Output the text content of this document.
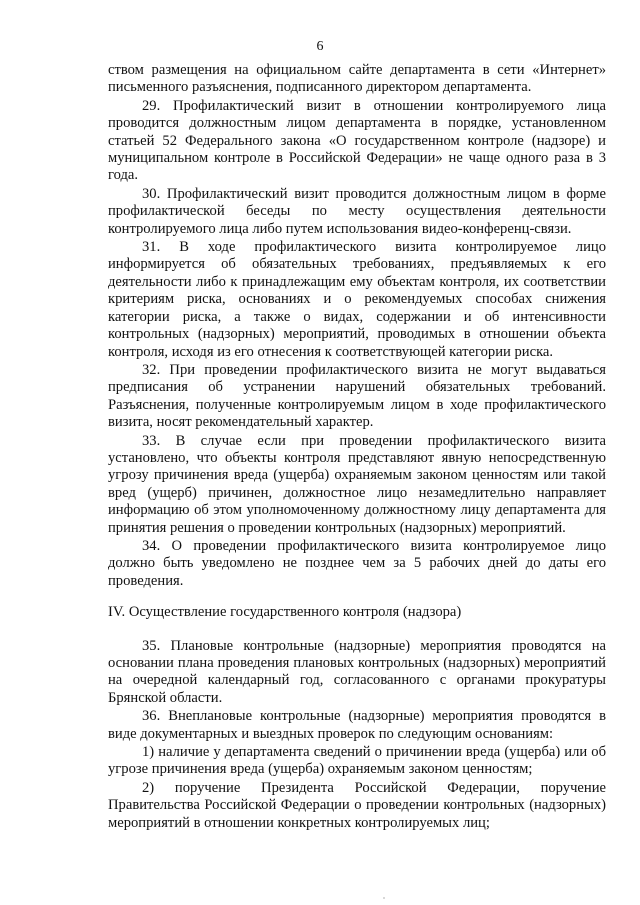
6

ством размещения на официальном сайте департамента в сети «Интернет» письменного разъяснения, подписанного директором департамента.

29. Профилактический визит в отношении контролируемого лица проводится должностным лицом департамента в порядке, установленном статьей 52 Федерального закона «О государственном контроле (надзоре) и муниципальном контроле в Российской Федерации» не чаще одного раза в 3 года.

30. Профилактический визит проводится должностным лицом в форме профилактической беседы по месту осуществления деятельности контролируемого лица либо путем использования видео-конференц-связи.

31. В ходе профилактического визита контролируемое лицо информируется об обязательных требованиях, предъявляемых к его деятельности либо к принадлежащим ему объектам контроля, их соответствии критериям риска, основаниях и о рекомендуемых способах снижения категории риска, а также о видах, содержании и об интенсивности контрольных (надзорных) мероприятий, проводимых в отношении объекта контроля, исходя из его отнесения к соответствующей категории риска.

32. При проведении профилактического визита не могут выдаваться предписания об устранении нарушений обязательных требований. Разъяснения, полученные контролируемым лицом в ходе профилактического визита, носят рекомендательный характер.

33. В случае если при проведении профилактического визита установлено, что объекты контроля представляют явную непосредственную угрозу причинения вреда (ущерба) охраняемым законом ценностям или такой вред (ущерб) причинен, должностное лицо незамедлительно направляет информацию об этом уполномоченному должностному лицу департамента для принятия решения о проведении контрольных (надзорных) мероприятий.

34. О проведении профилактического визита контролируемое лицо должно быть уведомлено не позднее чем за 5 рабочих дней до даты его проведения.

IV. Осуществление государственного контроля (надзора)

35. Плановые контрольные (надзорные) мероприятия проводятся на основании плана проведения плановых контрольных (надзорных) мероприятий на очередной календарный год, согласованного с органами прокуратуры Брянской области.

36. Внеплановые контрольные (надзорные) мероприятия проводятся в виде документарных и выездных проверок по следующим основаниям:

1) наличие у департамента сведений о причинении вреда (ущерба) или об угрозе причинения вреда (ущерба) охраняемым законом ценностям;

2) поручение Президента Российской Федерации, поручение Правительства Российской Федерации о проведении контрольных (надзорных) мероприятий в отношении конкретных контролируемых лиц;
